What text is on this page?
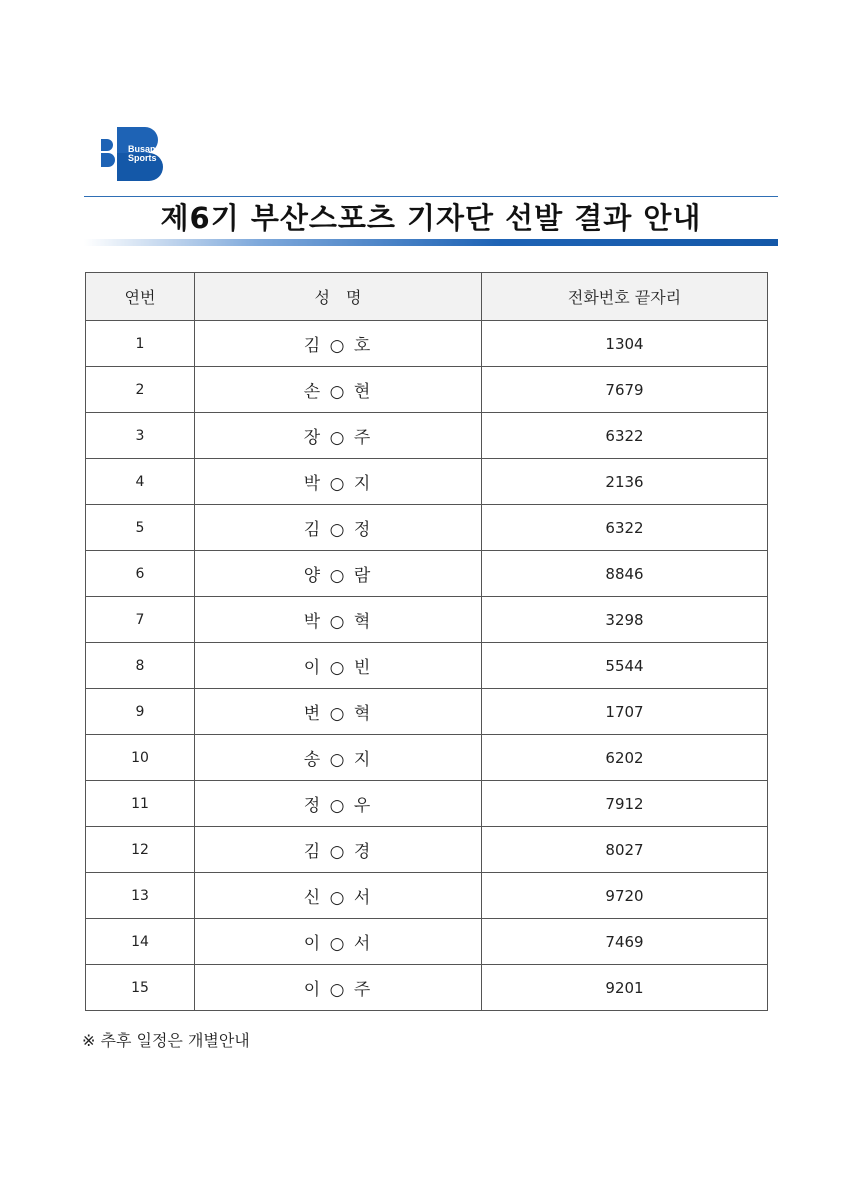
Busan
Sports
제6기 부산스포츠 기자단 선발 결과 안내
연번	성　명	전화번호 끝자리
1	김 ○ 호	1304
2	손 ○ 현	7679
3	장 ○ 주	6322
4	박 ○ 지	2136
5	김 ○ 정	6322
6	양 ○ 람	8846
7	박 ○ 혁	3298
8	이 ○ 빈	5544
9	변 ○ 혁	1707
10	송 ○ 지	6202
11	정 ○ 우	7912
12	김 ○ 경	8027
13	신 ○ 서	9720
14	이 ○ 서	7469
15	이 ○ 주	9201
※ 추후 일정은 개별안내
